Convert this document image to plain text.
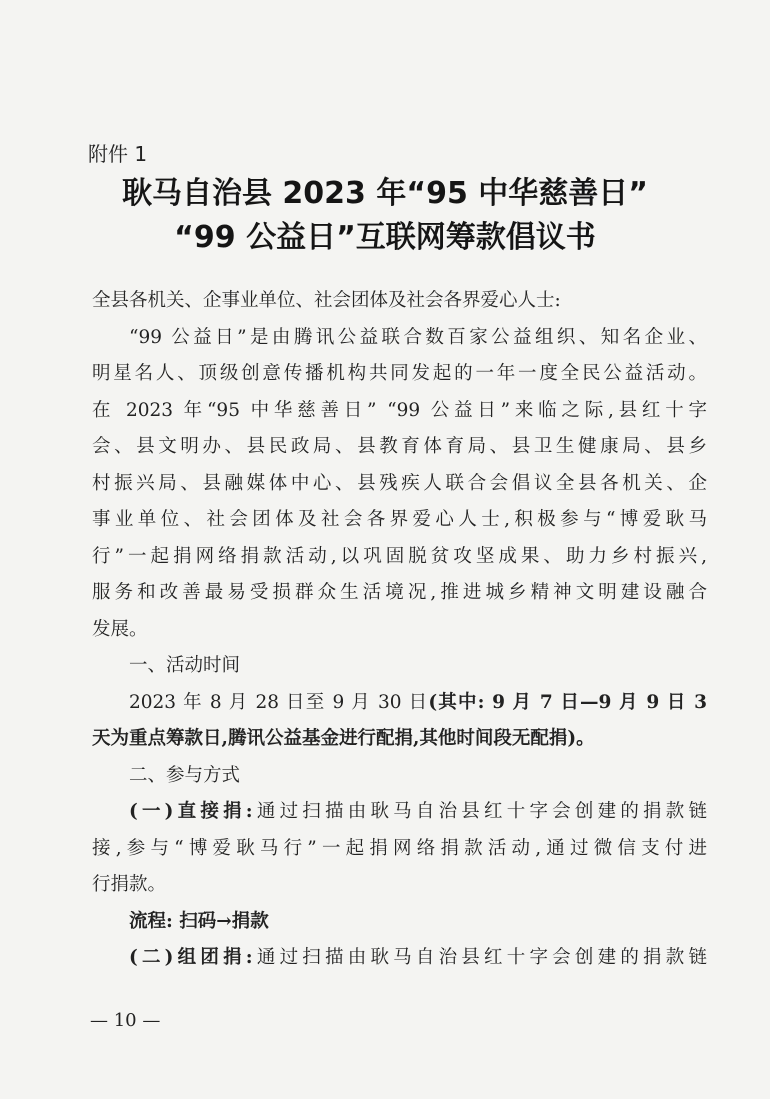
附件 1
耿马自治县 2023 年“95 中华慈善日”
“99 公益日”互联网筹款倡议书

全县各机关、企事业单位、社会团体及社会各界爱心人士:

“99 公益日”是由腾讯公益联合数百家公益组织、知名企业、

明星名人、顶级创意传播机构共同发起的一年一度全民公益活动。

在 2023 年“95 中华慈善日” “99 公益日”来临之际,县红十字

会、县文明办、县民政局、县教育体育局、县卫生健康局、县乡

村振兴局、县融媒体中心、县残疾人联合会倡议全县各机关、企

事业单位、社会团体及社会各界爱心人士,积极参与“博爱耿马

行”一起捐网络捐款活动,以巩固脱贫攻坚成果、助力乡村振兴,

服务和改善最易受损群众生活境况,推进城乡精神文明建设融合

发展。

一、活动时间

2023 年 8 月 28 日至 9 月 30 日(其中: 9 月 7 日—9 月 9 日 3

天为重点筹款日,腾讯公益基金进行配捐,其他时间段无配捐)。

二、参与方式

(一)直接捐:通过扫描由耿马自治县红十字会创建的捐款链

接,参与“博爱耿马行”一起捐网络捐款活动,通过微信支付进

行捐款。

流程: 扫码→捐款

(二)组团捐:通过扫描由耿马自治县红十字会创建的捐款链

— 10 —
